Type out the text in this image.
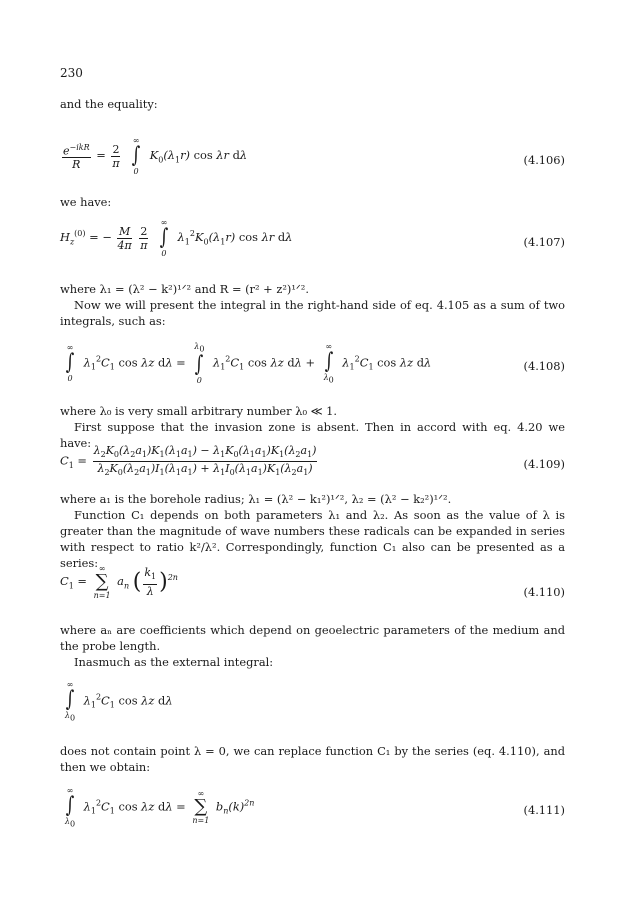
230
and the equality:
$\frac{e^{-ikR}}{R} = \frac{2}{\pi}$

∞
∫
0
$K_0(\lambda_1r)$ cos λr dλ	(4.106)
we have:
$H_z^{(0)}$ = − $\frac{M}{4\pi}$
$\frac{2}{\pi}$

∞
∫
0
$\lambda_1^2K_0(\lambda_1r)$ cos λr dλ	(4.107)
where λ₁ = (λ² − k²)¹ᐟ² and R = (r² + z²)¹ᐟ².
Now we will present the integral in the right-hand side of eq. 4.105 as a sum of two integrals, such as:
∞
∫
0
$\lambda_1^2C_1$ cos λz dλ =
$\lambda_0$
∫
0
$\lambda_1^2C_1$ cos λz dλ +
∞
∫
$\lambda_0$
$\lambda_1^2C_1$ cos λz dλ	(4.108)
where λ₀ is very small arbitrary number λ₀ ≪ 1.
First suppose that the invasion zone is absent. Then in accord with eq. 4.20 we have:
$C_1 = \frac{\lambda_2K_0(\lambda_2a_1)K_1(\lambda_1a_1) - \lambda_1K_0(\lambda_1a_1)K_1(\lambda_2a_1)}{\lambda_2K_0(\lambda_2a_1)I_1(\lambda_1a_1) + \lambda_1I_0(\lambda_1a_1)K_1(\lambda_2a_1)}$	(4.109)
where a₁ is the borehole radius; λ₁ = (λ² − k₁²)¹ᐟ², λ₂ = (λ² − k₂²)¹ᐟ².
Function C₁ depends on both parameters λ₁ and λ₂. As soon as the value of λ is greater than the magnitude of wave numbers these radicals can be expanded in series with respect to ratio k²/λ². Correspondingly, function C₁ also can be presented as a series:
$C_1$ =
∞
∑
n=1
$a_n$ ( $\frac{k_1}{\lambda} )^{2n}$
(4.110)
where aₙ are coefficients which depend on geoelectric parameters of the medium and the probe length.
Inasmuch as the external integral:
∞
∫
$\lambda_0$
$\lambda_1^2C_1$ cos λz dλ
does not contain point λ = 0, we can replace function C₁ by the series (eq. 4.110), and then we obtain:
∞
∫
$\lambda_0$
$\lambda_1^2C_1$ cos λz dλ =
∞
∑
n=1
$b_n(k)^{2n}$	(4.111)
